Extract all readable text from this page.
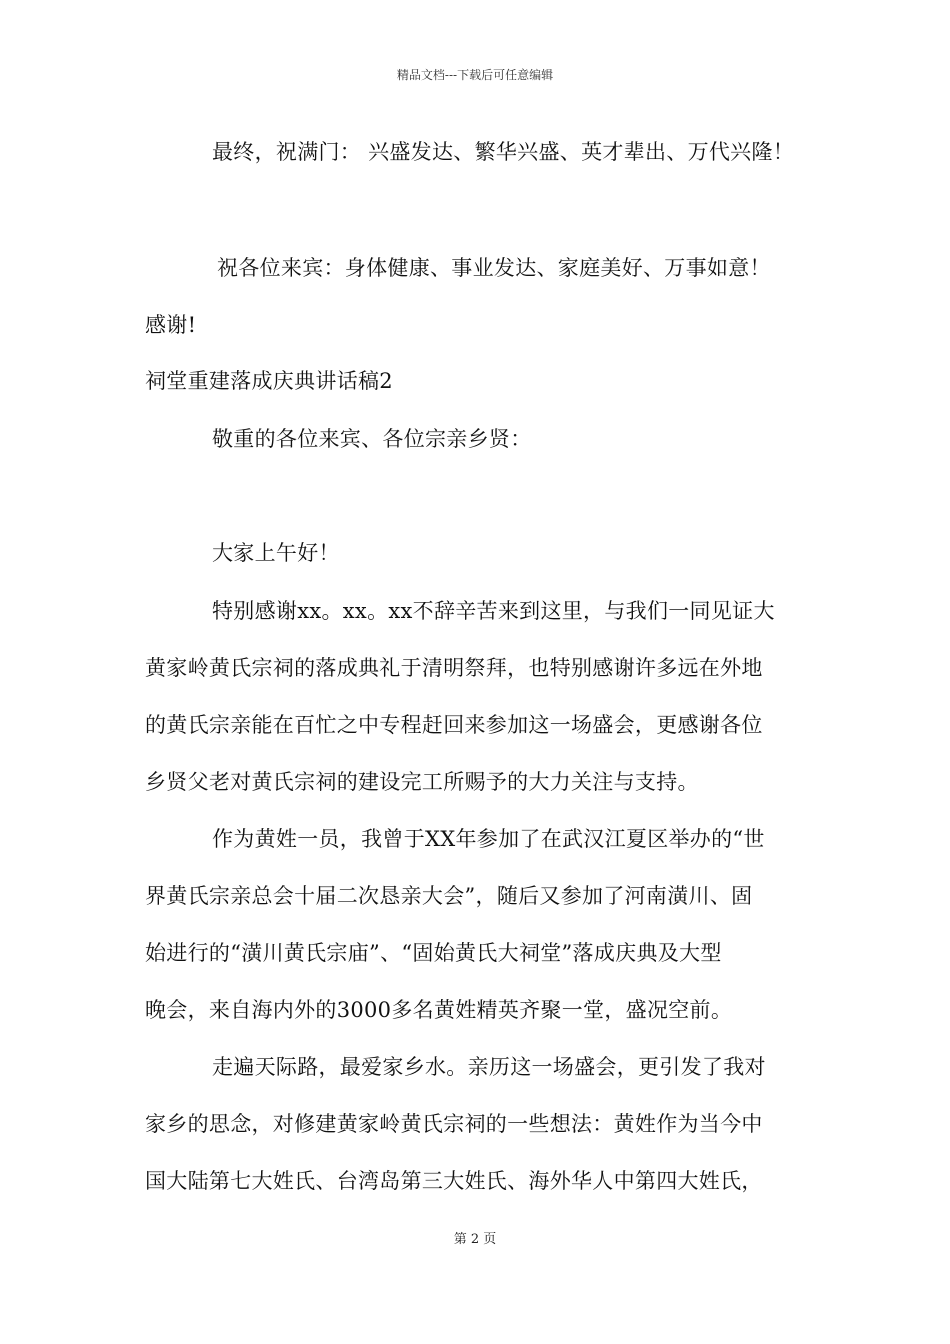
精品文档---下载后可任意编辑
最终，祝满门： 兴盛发达、繁华兴盛、英才辈出、万代兴隆！
祝各位来宾：身体健康、事业发达、家庭美好、万事如意！
感谢!
祠堂重建落成庆典讲话稿2
敬重的各位来宾、各位宗亲乡贤：
大家上午好！
特别感谢xx。xx。xx不辞辛苦来到这里，与我们一同见证大
黄家岭黄氏宗祠的落成典礼于清明祭拜，也特别感谢许多远在外地
的黄氏宗亲能在百忙之中专程赶回来参加这一场盛会，更感谢各位
乡贤父老对黄氏宗祠的建设完工所赐予的大力关注与支持。
作为黄姓一员，我曾于XX年参加了在武汉江夏区举办的“世
界黄氏宗亲总会十届二次恳亲大会”，随后又参加了河南潢川、固
始进行的“潢川黄氏宗庙”、“固始黄氏大祠堂”落成庆典及大型
晚会，来自海内外的3000多名黄姓精英齐聚一堂，盛况空前。
走遍天际路，最爱家乡水。亲历这一场盛会，更引发了我对
家乡的思念，对修建黄家岭黄氏宗祠的一些想法：黄姓作为当今中
国大陆第七大姓氏、台湾岛第三大姓氏、海外华人中第四大姓氏，
第 2 页
